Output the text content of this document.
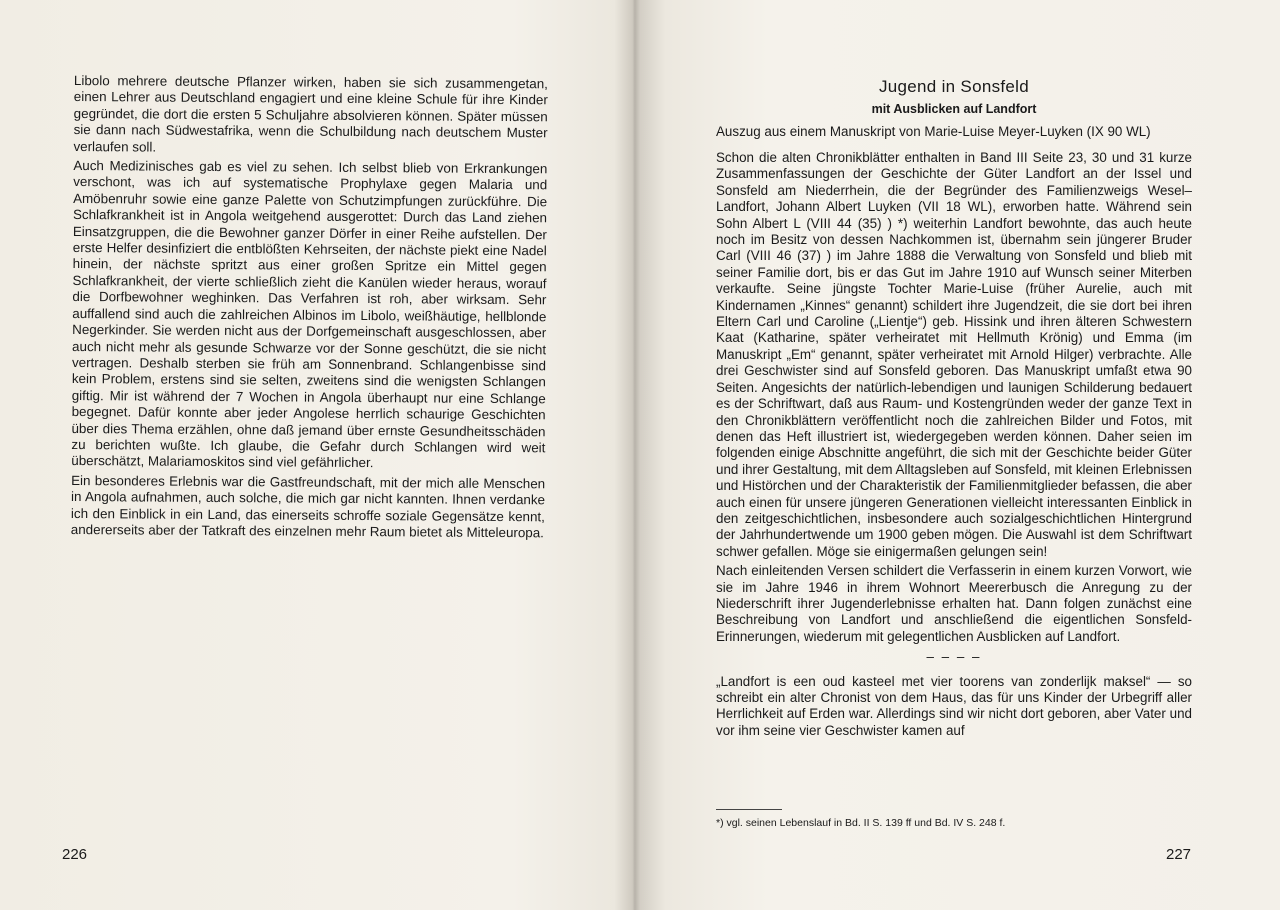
Libolo mehrere deutsche Pflanzer wirken, haben sie sich zusammengetan, einen Lehrer aus Deutschland engagiert und eine kleine Schule für ihre Kinder gegründet, die dort die ersten 5 Schuljahre absolvieren können. Später müssen sie dann nach Südwestafrika, wenn die Schulbildung nach deutschem Muster verlaufen soll.

Auch Medizinisches gab es viel zu sehen. Ich selbst blieb von Erkrankungen verschont, was ich auf systematische Prophylaxe gegen Malaria und Amöbenruhr sowie eine ganze Palette von Schutzimpfungen zurückführe. Die Schlafkrankheit ist in Angola weitgehend ausgerottet: Durch das Land ziehen Einsatzgruppen, die die Bewohner ganzer Dörfer in einer Reihe aufstellen. Der erste Helfer desinfiziert die entblößten Kehrseiten, der nächste piekt eine Nadel hinein, der nächste spritzt aus einer großen Spritze ein Mittel gegen Schlafkrankheit, der vierte schließlich zieht die Kanülen wieder heraus, worauf die Dorfbewohner weghinken. Das Verfahren ist roh, aber wirksam. Sehr auffallend sind auch die zahlreichen Albinos im Libolo, weißhäutige, hellblonde Negerkinder. Sie werden nicht aus der Dorfgemeinschaft ausgeschlossen, aber auch nicht mehr als gesunde Schwarze vor der Sonne geschützt, die sie nicht vertragen. Deshalb sterben sie früh am Sonnenbrand. Schlangenbisse sind kein Problem, erstens sind sie selten, zweitens sind die wenigsten Schlangen giftig. Mir ist während der 7 Wochen in Angola überhaupt nur eine Schlange begegnet. Dafür konnte aber jeder Angolese herrlich schaurige Geschichten über dies Thema erzählen, ohne daß jemand über ernste Gesundheitsschäden zu berichten wußte. Ich glaube, die Gefahr durch Schlangen wird weit überschätzt, Malariamoskitos sind viel gefährlicher.

Ein besonderes Erlebnis war die Gastfreundschaft, mit der mich alle Menschen in Angola aufnahmen, auch solche, die mich gar nicht kannten. Ihnen verdanke ich den Einblick in ein Land, das einerseits schroffe soziale Gegensätze kennt, andererseits aber der Tatkraft des einzelnen mehr Raum bietet als Mitteleuropa.

226
Jugend in Sonsfeld
mit Ausblicken auf Landfort
Auszug aus einem Manuskript von Marie-Luise Meyer-Luyken (IX 90 WL)

Schon die alten Chronikblätter enthalten in Band III Seite 23, 30 und 31 kurze Zusammenfassungen der Geschichte der Güter Landfort an der Issel und Sonsfeld am Niederrhein, die der Begründer des Familienzweigs Wesel–Landfort, Johann Albert Luyken (VII 18 WL), erworben hatte. Während sein Sohn Albert L (VIII 44 (35) ) *) weiterhin Landfort bewohnte, das auch heute noch im Besitz von dessen Nachkommen ist, übernahm sein jüngerer Bruder Carl (VIII 46 (37) ) im Jahre 1888 die Verwaltung von Sonsfeld und blieb mit seiner Familie dort, bis er das Gut im Jahre 1910 auf Wunsch seiner Miterben verkaufte. Seine jüngste Tochter Marie-Luise (früher Aurelie, auch mit Kindernamen „Kinnes“ genannt) schildert ihre Jugendzeit, die sie dort bei ihren Eltern Carl und Caroline („Lientje“) geb. Hissink und ihren älteren Schwestern Kaat (Katharine, später verheiratet mit Hellmuth Krönig) und Emma (im Manuskript „Em“ genannt, später verheiratet mit Arnold Hilger) verbrachte. Alle drei Geschwister sind auf Sonsfeld geboren. Das Manuskript umfaßt etwa 90 Seiten. Angesichts der natürlich-lebendigen und launigen Schilderung bedauert es der Schriftwart, daß aus Raum- und Kostengründen weder der ganze Text in den Chronikblättern veröffentlicht noch die zahlreichen Bilder und Fotos, mit denen das Heft illustriert ist, wiedergegeben werden können. Daher seien im folgenden einige Abschnitte angeführt, die sich mit der Geschichte beider Güter und ihrer Gestaltung, mit dem Alltagsleben auf Sonsfeld, mit kleinen Erlebnissen und Histörchen und der Charakteristik der Familienmitglieder befassen, die aber auch einen für unsere jüngeren Generationen vielleicht interessanten Einblick in den zeitgeschichtlichen, insbesondere auch sozialgeschichtlichen Hintergrund der Jahrhundertwende um 1900 geben mögen. Die Auswahl ist dem Schriftwart schwer gefallen. Möge sie einigermaßen gelungen sein!

Nach einleitenden Versen schildert die Verfasserin in einem kurzen Vorwort, wie sie im Jahre 1946 in ihrem Wohnort Meererbusch die Anregung zu der Niederschrift ihrer Jugenderlebnisse erhalten hat. Dann folgen zunächst eine Beschreibung von Landfort und anschließend die eigentlichen Sonsfeld-Erinnerungen, wiederum mit gelegentlichen Ausblicken auf Landfort.

– – – –

„Landfort is een oud kasteel met vier toorens van zonderlijk maksel“ — so schreibt ein alter Chronist von dem Haus, das für uns Kinder der Urbegriff aller Herrlichkeit auf Erden war. Allerdings sind wir nicht dort geboren, aber Vater und vor ihm seine vier Geschwister kamen auf

*) vgl. seinen Lebenslauf in Bd. II S. 139 ff und Bd. IV S. 248 f.
227
